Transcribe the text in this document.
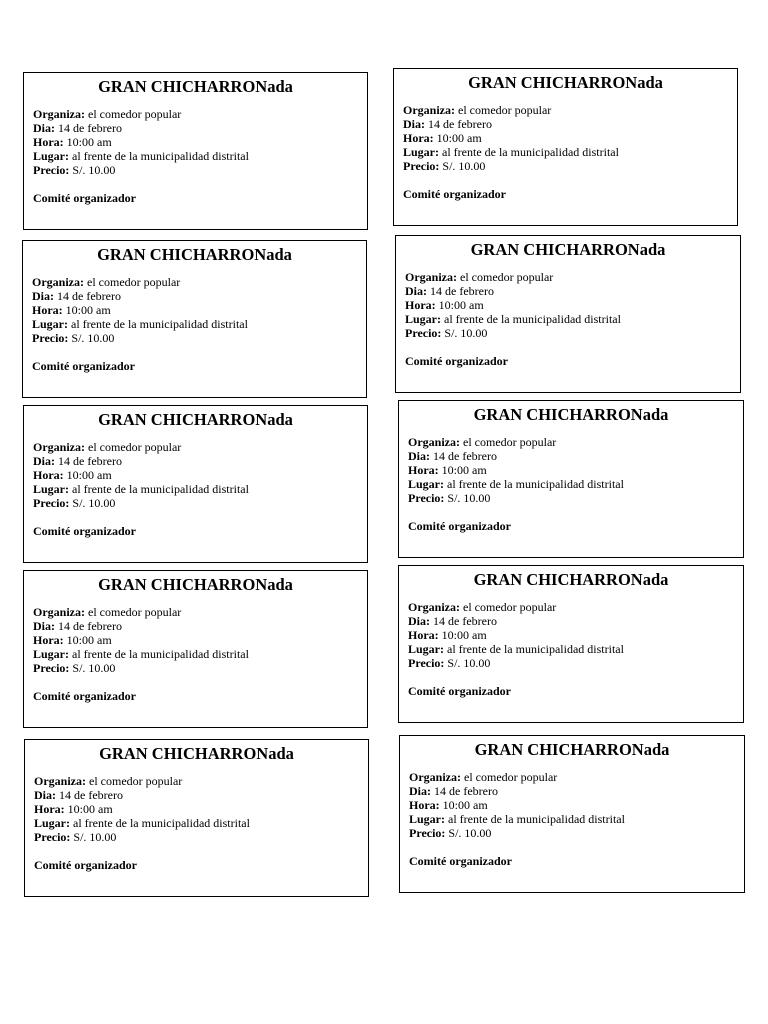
GRAN CHICHARRONada
Organiza: el comedor popular
Dia: 14 de febrero
Hora: 10:00 am
Lugar: al frente de la municipalidad distrital
Precio: S/. 10.00
Comité organizador
GRAN CHICHARRONada
Organiza: el comedor popular
Dia: 14 de febrero
Hora: 10:00 am
Lugar: al frente de la municipalidad distrital
Precio: S/. 10.00
Comité organizador
GRAN CHICHARRONada
Organiza: el comedor popular
Dia: 14 de febrero
Hora: 10:00 am
Lugar: al frente de la municipalidad distrital
Precio: S/. 10.00
Comité organizador
GRAN CHICHARRONada
Organiza: el comedor popular
Dia: 14 de febrero
Hora: 10:00 am
Lugar: al frente de la municipalidad distrital
Precio: S/. 10.00
Comité organizador
GRAN CHICHARRONada
Organiza: el comedor popular
Dia: 14 de febrero
Hora: 10:00 am
Lugar: al frente de la municipalidad distrital
Precio: S/. 10.00
Comité organizador
GRAN CHICHARRONada
Organiza: el comedor popular
Dia: 14 de febrero
Hora: 10:00 am
Lugar: al frente de la municipalidad distrital
Precio: S/. 10.00
Comité organizador
GRAN CHICHARRONada
Organiza: el comedor popular
Dia: 14 de febrero
Hora: 10:00 am
Lugar: al frente de la municipalidad distrital
Precio: S/. 10.00
Comité organizador
GRAN CHICHARRONada
Organiza: el comedor popular
Dia: 14 de febrero
Hora: 10:00 am
Lugar: al frente de la municipalidad distrital
Precio: S/. 10.00
Comité organizador
GRAN CHICHARRONada
Organiza: el comedor popular
Dia: 14 de febrero
Hora: 10:00 am
Lugar: al frente de la municipalidad distrital
Precio: S/. 10.00
Comité organizador
GRAN CHICHARRONada
Organiza: el comedor popular
Dia: 14 de febrero
Hora: 10:00 am
Lugar: al frente de la municipalidad distrital
Precio: S/. 10.00
Comité organizador
